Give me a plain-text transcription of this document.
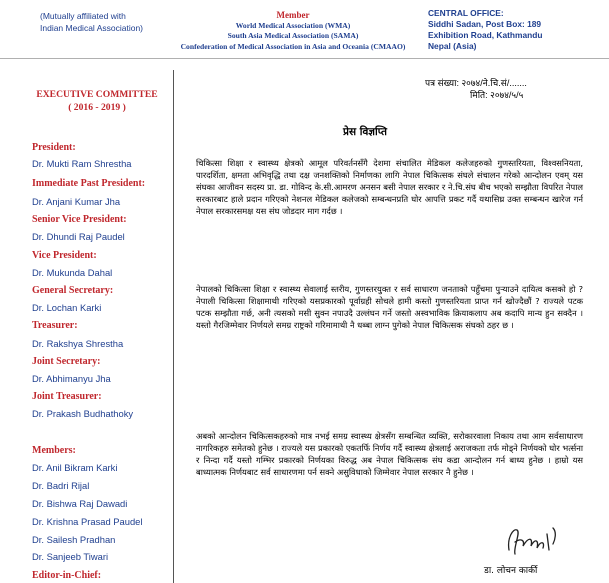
(Mutually affiliated with
Indian Medical Association)
Member
World Medical Association (WMA)
South Asia Medical Association (SAMA)
Confederation of Medical Association in Asia and Oceania (CMAAO)
CENTRAL OFFICE:
Siddhi Sadan, Post Box: 189
Exhibition Road, Kathmandu
Nepal (Asia)
EXECUTIVE COMMITTEE
( 2016 - 2019 )
President:
Dr. Mukti Ram Shrestha
Immediate Past President:
Dr. Anjani Kumar Jha
Senior Vice President:
Dr. Dhundi Raj Paudel
Vice President:
Dr. Mukunda Dahal
General Secretary:
Dr. Lochan Karki
Treasurer:
Dr. Rakshya Shrestha
Joint Secretary:
Dr. Abhimanyu Jha
Joint Treasurer:
Dr. Prakash Budhathoky
Members:
Dr. Anil Bikram Karki
Dr. Badri Rijal
Dr. Bishwa Raj Dawadi
Dr. Krishna Prasad Paudel
Dr. Sailesh Pradhan
Dr. Sanjeeb Tiwari
Editor-in-Chief:
पत्र संख्या: २०७४/ने.चि.सं/.......
मिति: २०७४/५/५
प्रेस विज्ञप्ति
चिकित्सा शिक्षा र स्वास्थ्य क्षेत्रको आमूल परिवर्तनसँगै देशमा संचालित मेडिकल कलेजहरुको गुणस्तरियता, विश्वसनियता, पारदर्शिता, क्षमता अभिवृद्धि तथा दक्ष जनशक्तिको निर्माणका लागि नेपाल चिकित्सक संघले संचालन गरेको आन्दोलन एवम् यस संघका आजीवन सदस्य प्रा. डा. गोविन्द के.सी.आमरण अनसन बसी नेपाल सरकार र ने.चि.संघ बीच भएको सम्झौता विपरित नेपाल सरकारबाट हाले प्रदान गरिएको नेशनल मेडिकल कलेजको सम्बन्धनप्रति घोर आपत्ति प्रकट गर्दै यथासिघ्र उक्त सम्बन्धन खारेज गर्न नेपाल सरकारसमक्ष यस संघ जोडदार माग गर्दछ ।
नेपालको चिकित्सा शिक्षा र स्वास्थ्य सेवालाई स्तरीय, गुणस्तरयुक्त र सर्व साधारण जनताको पहुँचमा पुऱ्याउने दायित्व कसको हो ? नेपाली चिकित्सा शिक्षामाथी गरिएको यसप्रकारको पूर्वाग्रही सोचले हामी कस्तो गुणस्तरियता प्राप्त गर्न खोज्दैछौं ? राज्यले पटक पटक सम्झौता गर्छ, अनी त्यसको मसी सुक्न नपाउदै उल्लंघन गर्ने जस्तो अस्वभाविक क्रियाकलाप अब कदापि मान्य हुन सक्दैन । यस्तो गैरजिम्मेवार निर्णयले समग्र राष्ट्रको गरिमामाथी नै धब्बा लाग्न पुगेको नेपाल चिकित्सक संघको ठहर छ ।
अबको आन्दोलन चिकित्सकहरुको मात्र नभई समग्र स्वास्थ्य क्षेत्रसँग सम्बन्धित व्यक्ति, सरोकारवाला निकाय तथा आम सर्वसाधारण नागरिकहरु समेतको हुनेछ । राज्यले यस प्रकारको एकतर्फि निर्णय गर्दै स्वास्थ्य क्षेत्रलाई अराजकता तर्फ मोड्ने निर्णयको घोर भर्त्सना र निन्दा गर्दै यस्तो गम्भिर प्रकारको निर्णयका विरुद्ध अब नेपाल चिकित्सक संघ कडा आन्दोलन गर्न बाध्य हुनेछ । हाम्रो यस बाध्यात्मक निर्णयबाट सर्व साधारणमा पर्न सक्ने असुविधाको जिम्मेवार नेपाल सरकार नै हुनेछ ।
डा. लोचन कार्की
